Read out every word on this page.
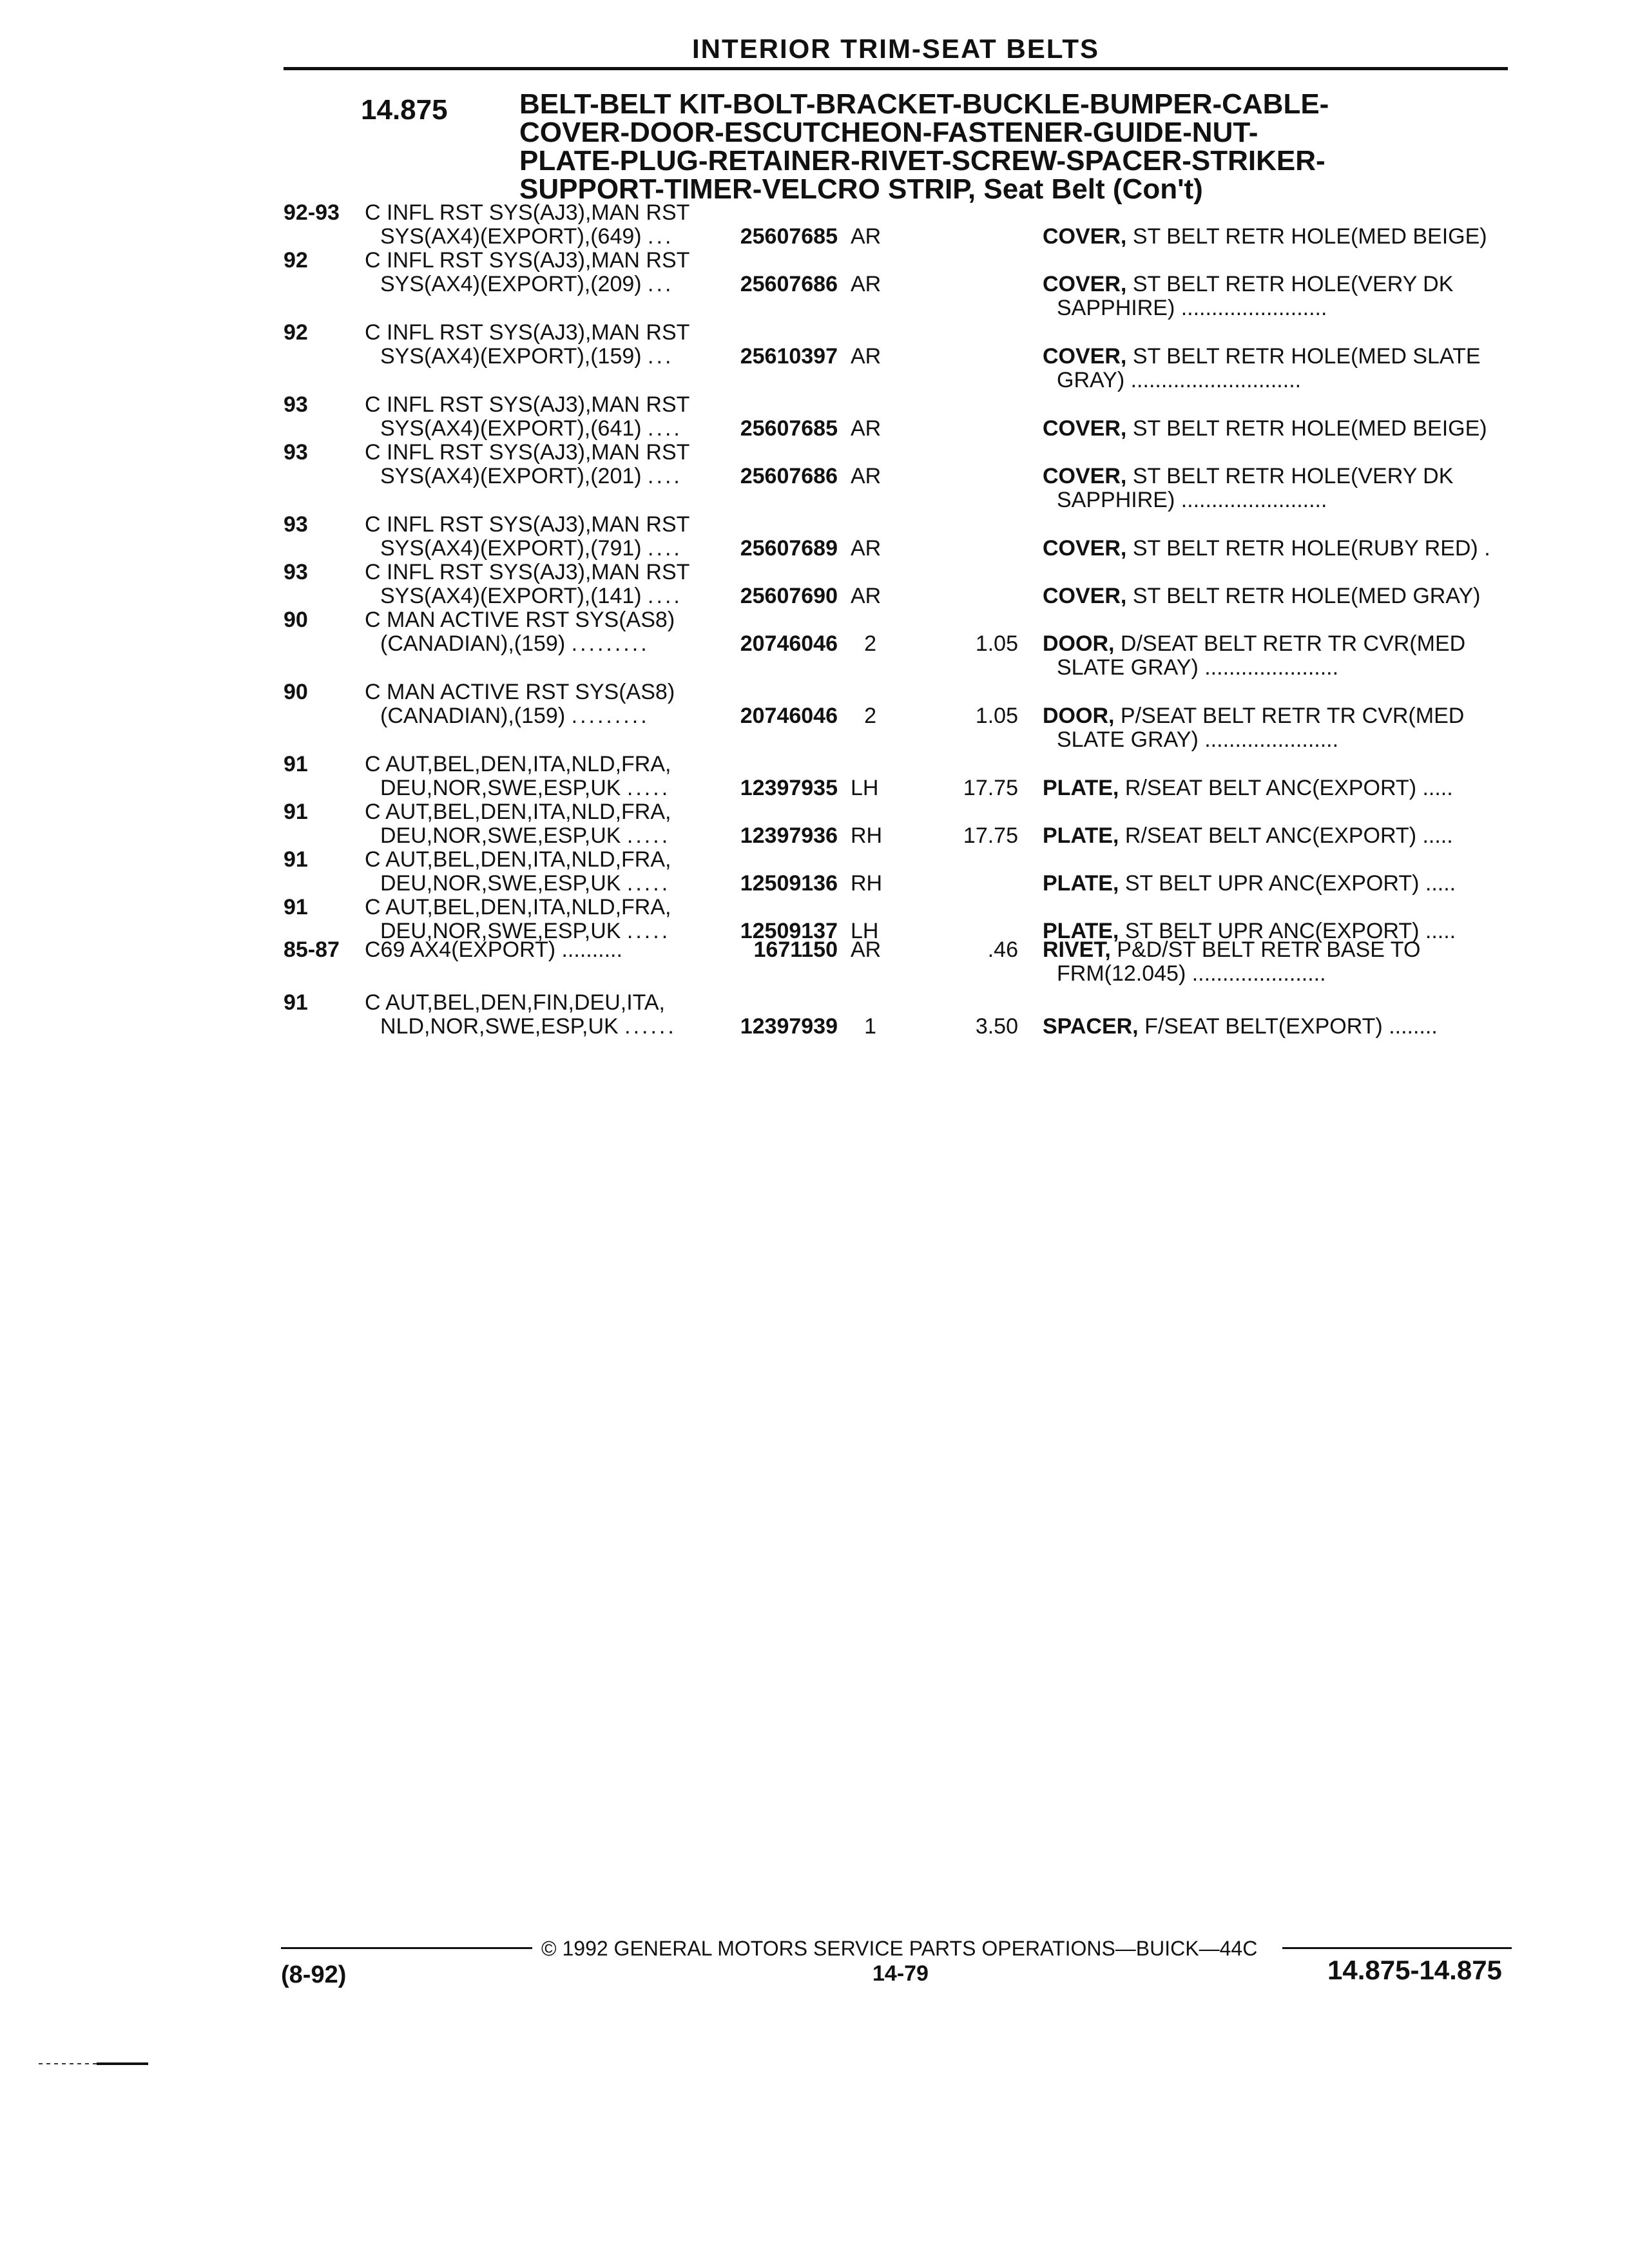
INTERIOR TRIM-SEAT BELTS
14.875	BELT-BELT KIT-BOLT-BRACKET-BUCKLE-BUMPER-CABLE-
COVER-DOOR-ESCUTCHEON-FASTENER-GUIDE-NUT-
PLATE-PLUG-RETAINER-RIVET-SCREW-SPACER-STRIKER-
SUPPORT-TIMER-VELCRO STRIP, Seat Belt (Con't)
92-93 C INFL RST SYS(AJ3),MAN RST
SYS(AX4)(EXPORT),(649) ...	25607685 AR	COVER, ST BELT RETR HOLE(MED BEIGE)
92	C INFL RST SYS(AJ3),MAN RST
SYS(AX4)(EXPORT),(209) ...	25607686 AR	COVER, ST BELT RETR HOLE(VERY DK
SAPPHIRE) ........................
92	C INFL RST SYS(AJ3),MAN RST
SYS(AX4)(EXPORT),(159) ...	25610397 AR	COVER, ST BELT RETR HOLE(MED SLATE
GRAY) ............................
93	C INFL RST SYS(AJ3),MAN RST
SYS(AX4)(EXPORT),(641) ....	25607685 AR	COVER, ST BELT RETR HOLE(MED BEIGE)
93	C INFL RST SYS(AJ3),MAN RST
SYS(AX4)(EXPORT),(201) ....	25607686 AR	COVER, ST BELT RETR HOLE(VERY DK
SAPPHIRE) ........................
93	C INFL RST SYS(AJ3),MAN RST
SYS(AX4)(EXPORT),(791) ....	25607689 AR	COVER, ST BELT RETR HOLE(RUBY RED) .
93	C INFL RST SYS(AJ3),MAN RST
SYS(AX4)(EXPORT),(141) ....	25607690 AR	COVER, ST BELT RETR HOLE(MED GRAY)
90	C MAN ACTIVE RST SYS(AS8)
(CANADIAN),(159) .........	20746046	2	1.05 DOOR, D/SEAT BELT RETR TR CVR(MED
SLATE GRAY) ......................
90	C MAN ACTIVE RST SYS(AS8)
(CANADIAN),(159) .........	20746046	2	1.05 DOOR, P/SEAT BELT RETR TR CVR(MED
SLATE GRAY) ......................
91	C AUT,BEL,DEN,ITA,NLD,FRA,
DEU,NOR,SWE,ESP,UK .....	12397935 LH	17.75 PLATE, R/SEAT BELT ANC(EXPORT) .....
91	C AUT,BEL,DEN,ITA,NLD,FRA,
DEU,NOR,SWE,ESP,UK .....	12397936 RH	17.75 PLATE, R/SEAT BELT ANC(EXPORT) .....
91	C AUT,BEL,DEN,ITA,NLD,FRA,
DEU,NOR,SWE,ESP,UK .....	12509136 RH	PLATE, ST BELT UPR ANC(EXPORT) .....
91	C AUT,BEL,DEN,ITA,NLD,FRA,
DEU,NOR,SWE,ESP,UK .....	12509137 LH	PLATE, ST BELT UPR ANC(EXPORT) .....
85-87 C69 AX4(EXPORT) ..........	1671150 AR	.46 RIVET, P&D/ST BELT RETR BASE TO
FRM(12.045) ......................
91	C AUT,BEL,DEN,FIN,DEU,ITA,
NLD,NOR,SWE,ESP,UK ......	12397939	1	3.50 SPACER, F/SEAT BELT(EXPORT) ........
© 1992 GENERAL MOTORS SERVICE PARTS OPERATIONS—BUICK—44C
(8-92)	14-79	14.875-14.875
